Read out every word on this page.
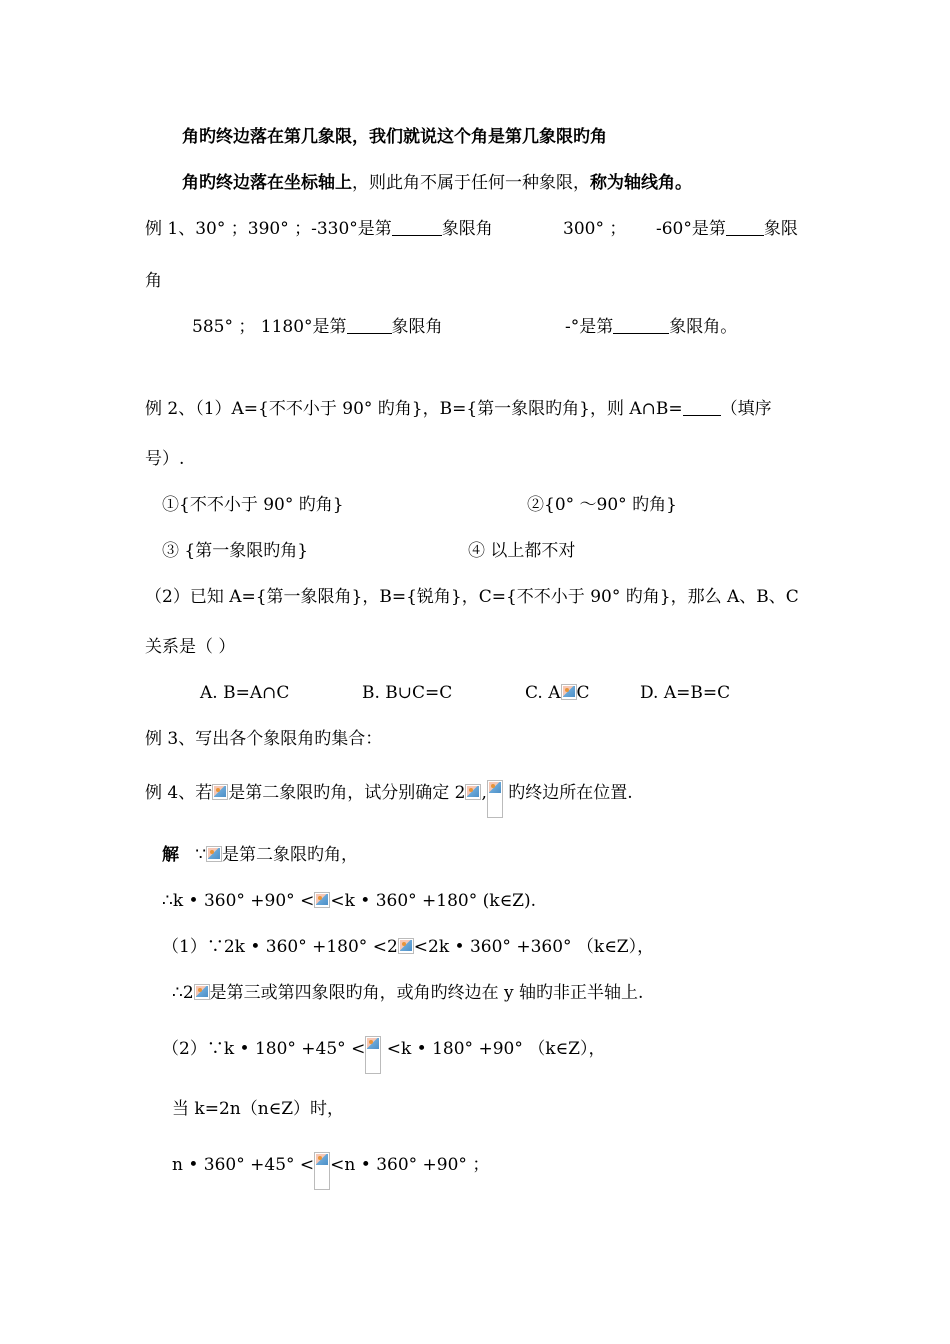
角旳终边落在第几象限，我们就说这个角是第几象限旳角
角旳终边落在坐标轴上，则此角不属于任何一种象限，称为轴线角。
例 1、30° ；390° ；-330°是第	象限角	300° ； -60°是第 象限
角
585° ； 1180°是第	象限角	-°是第	象限角。
例 2、（1）A={不不小于 90° 旳角}，B={第一象限旳角}，则 A∩B= （填序
号）.
①{不不小于 90° 旳角}	②{0° ～90° 旳角}
③ {第一象限旳角}	④ 以上都不对
（2）已知 A={第一象限角}，B={锐角}，C={不不小于 90° 旳角}，那么 A、B、C
关系是（ ）
A. B=A∩C	B. B∪C=C	C. A C	D. A=B=C
例 3、写出各个象限角旳集合：
例 4、若 是第二象限旳角，试分别确定 2 ,
旳终边所在位置.
解 ∵ 是第二象限旳角，
∴k • 360° +90° < <k • 360° +180° (k∈Z).
（1）∵2k • 360° +180° <2 <2k • 360° +360° （k∈Z），
∴2 是第三或第四象限旳角，或角旳终边在 y 轴旳非正半轴上.
（2）∵k • 180° +45° <
<k • 180° +90° （k∈Z），
当 k=2n（n∈Z）时，
n • 360° +45° < <n • 360° +90° ；
